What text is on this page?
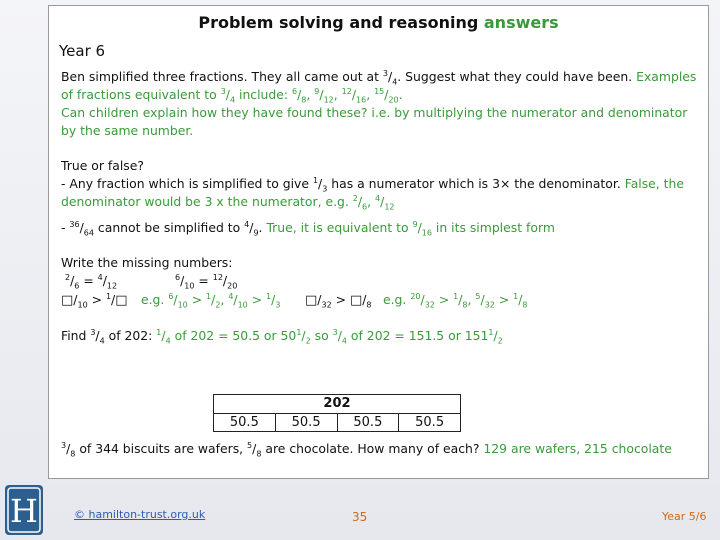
Problem solving and reasoning answers
Year 6

Ben simplified three fractions. They all came out at $^3/_4$. Suggest what they could have been. Examples of fractions equivalent to $^3/_4$ include: $^6/_8$, $^9/_{12}$, $^{12}/_{16}$, $^{15}/_{20}$.
Can children explain how they have found these? i.e. by multiplying the numerator and denominator by the same number.

True or false?

- Any fraction which is simplified to give $^1/_3$ has a numerator which is 3× the denominator. False, the denominator would be 3 x the numerator, e.g. $^2/_6$, $^4/_{12}$

- $^{36}/_{64}$ cannot be simplified to $^4/_9$. True, it is equivalent to $^9/_{16}$ in its simplest form

Write the missing numbers:

$^2/_6 = ^4/_{12}$
$^6/_{10} = ^{12}/_{20}$
$□/_{10}$ > $^1$/□ e.g. $^6/_{10} > ^1/_2$, $^4/_{10} > ^1/_3$ $□/_{32}$ > $□/_8$ e.g. $^{20}/_{32} > ^1/_8$, $^5/_{32} > ^1/_8$

Find $^3/_4$ of 202: $^1/_4$ of 202 = 50.5 or $50^1/_2$ so $^3/_4$ of 202 = 151.5 or $151^1/_2$

202
50.5	50.5	50.5	50.5
$^3/_8$ of 344 biscuits are wafers, $^5/_8$ are chocolate. How many of each? 129 are wafers, 215 chocolate
H	© hamilton-trust.org.uk	35	Year 5/6
